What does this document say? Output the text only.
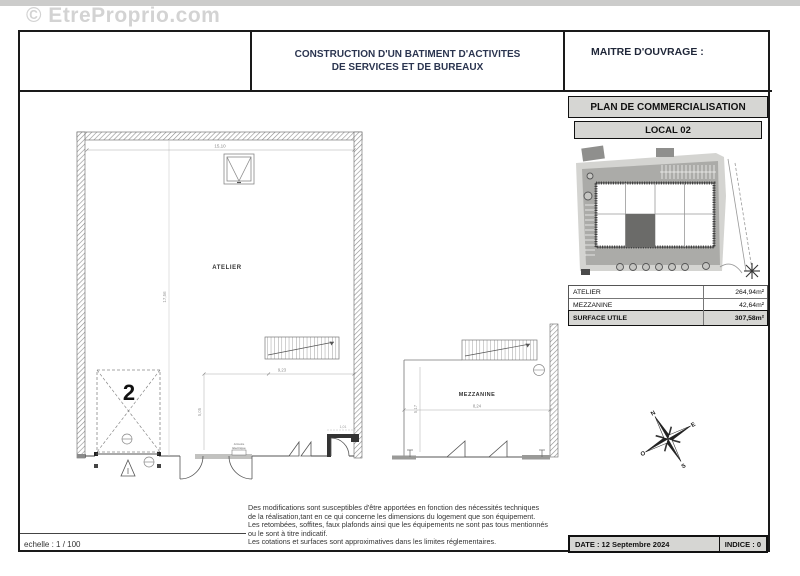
© EtreProprio.com
CONSTRUCTION D'UN BATIMENT D'ACTIVITES
DE SERVICES ET DE BUREAUX
MAITRE D'OUVRAGE :
PLAN DE COMMERCIALISATION
LOCAL 02
ATELIER	264,94m²
MEZZANINE	42,64m²
SURFACE UTILE	307,58m²
15,10
17,56
ATELIER
2
9,23
5,05
Armoire
Electrique
1,01
MEZZANINE
8,24
5,17
N
E
S
O
Des modifications sont susceptibles d'être apportées en fonction des nécessités techniques
de la réalisation,tant en ce qui concerne les dimensions du logement que son équipement.
Les retombées, soffites, faux plafonds ainsi que les équipements ne sont pas tous mentionnés
ou le sont à titre indicatif.
Les cotations et surfaces sont approximatives dans les limites réglementaires.
echelle : 1 / 100	DATE : 12 Septembre 2024	INDICE : 0
